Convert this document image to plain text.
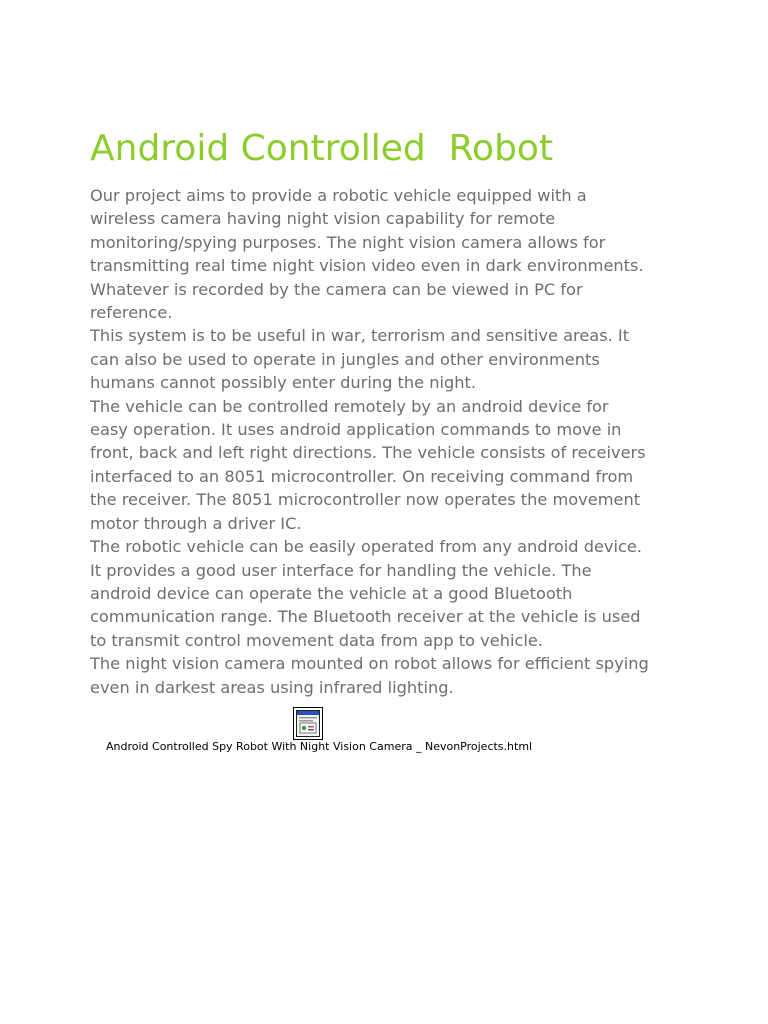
Android Controlled  Robot
Our project aims to provide a robotic vehicle equipped with a
wireless camera having night vision capability for remote
monitoring/spying purposes. The night vision camera allows for
transmitting real time night vision video even in dark environments.
Whatever is recorded by the camera can be viewed in PC for
reference.
This system is to be useful in war, terrorism and sensitive areas. It
can also be used to operate in jungles and other environments
humans cannot possibly enter during the night.
The vehicle can be controlled remotely by an android device for
easy operation. It uses android application commands to move in
front, back and left right directions. The vehicle consists of receivers
interfaced to an 8051 microcontroller. On receiving command from
the receiver. The 8051 microcontroller now operates the movement
motor through a driver IC.
The robotic vehicle can be easily operated from any android device.
It provides a good user interface for handling the vehicle. The
android device can operate the vehicle at a good Bluetooth
communication range. The Bluetooth receiver at the vehicle is used
to transmit control movement data from app to vehicle.
The night vision camera mounted on robot allows for efficient spying
even in darkest areas using infrared lighting.
Android Controlled Spy Robot With Night Vision Camera _ NevonProjects.html
